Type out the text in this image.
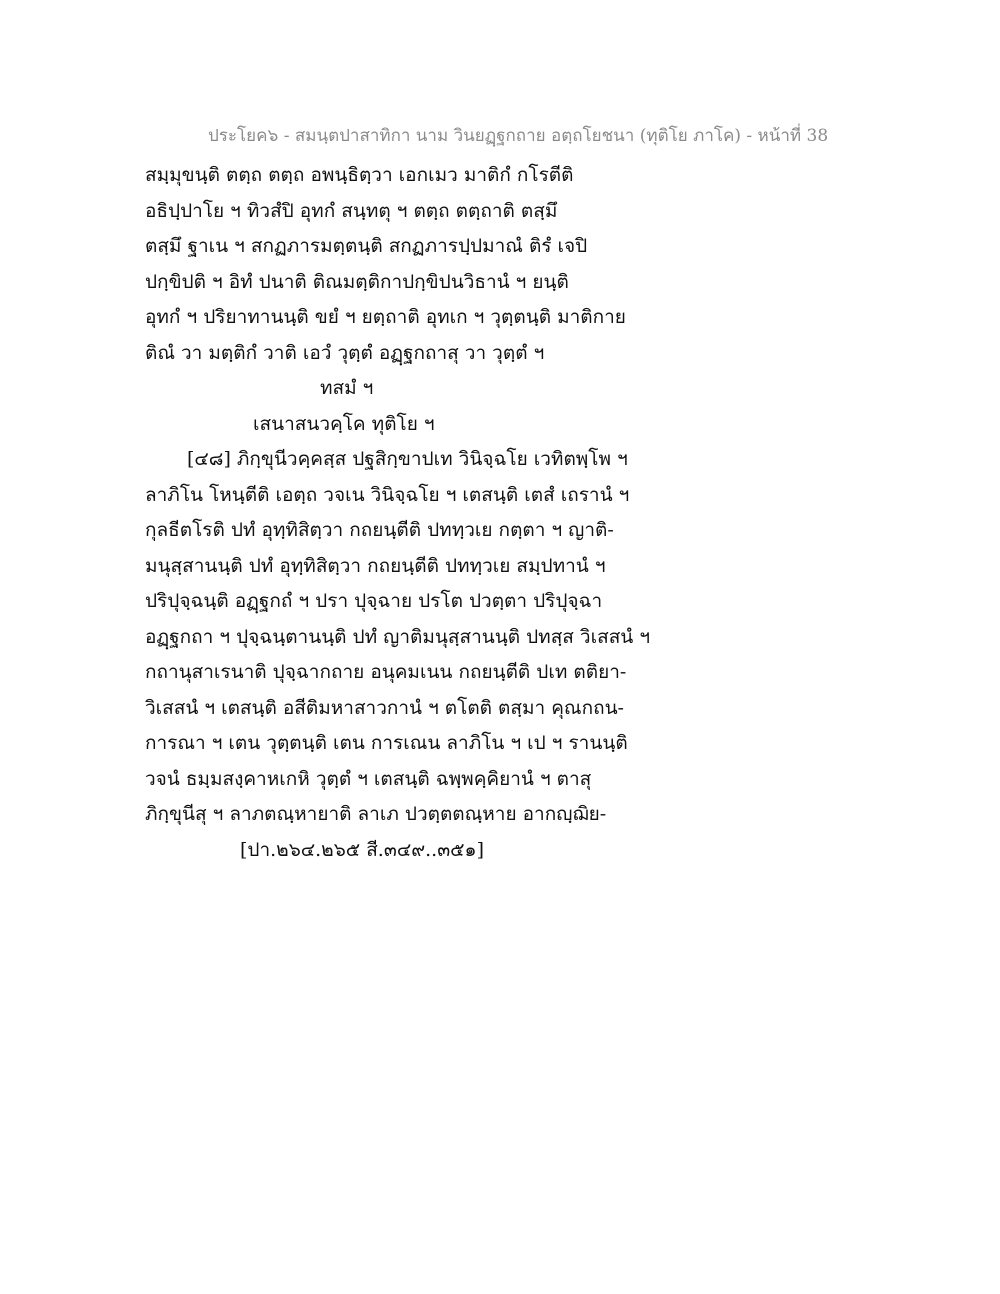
ประโยค๖ - สมนฺตปาสาทิกา นาม วินยฏฺฐกถาย อตฺถโยชนา (ทุติโย ภาโค) - หน้าที่ 38
สมฺมุขนฺติ ตตฺถ ตตฺถ อพนฺธิตฺวา เอกเมว มาติกํ กโรตีติ
อธิปฺปาโย ฯ ทิวสํปิ อุทกํ สนฺทตุ ฯ ตตฺถ ตตฺถาติ ตสฺมึ
ตสฺมึ ฐาเน ฯ สกฏภารมตฺตนฺติ สกฏภารปฺปมาณํ ติรํ เจปิ
ปกฺขิปติ ฯ อิทํ ปนาติ ติณมตฺติกาปกฺขิปนวิธานํ ฯ ยนฺติ
อุทกํ ฯ ปริยาทานนฺติ ขยํ ฯ ยตฺถาติ อุทเก ฯ วุตฺตนฺติ มาติกาย
ติณํ วา มตฺติกํ วาติ เอวํ วุตฺตํ อฏฺฐกถาสุ วา วุตฺตํ ฯ
ทสมํ ฯ
เสนาสนวคฺโค ทุติโย ฯ
[๔๘] ภิกฺขุนีวคฺคสฺส ปฐสิกฺขาปเท วินิจฺฉโย เวทิตพฺโพ ฯ
ลาภิโน โหนฺตีติ เอตฺถ วจเน วินิจฺฉโย ฯ เตสนฺติ เตสํ เถรานํ ฯ
กุลธีตโรติ ปทํ อุทฺทิสิตฺวา กถยนฺตีติ ปททฺวเย กตฺตา ฯ ญาติ-
มนุสฺสานนฺติ ปทํ อุทฺทิสิตฺวา กถยนฺตีติ ปททฺวเย สมฺปทานํ ฯ
ปริปุจฺฉนฺติ อฏฺฐกถํ ฯ ปรา ปุจฺฉาย ปรโต ปวตฺตา ปริปุจฺฉา
อฏฺฐกถา ฯ ปุจฺฉนฺตานนฺติ ปทํ ญาติมนุสฺสานนฺติ ปทสฺส วิเสสนํ ฯ
กถานุสาเรนาติ ปุจฺฉากถาย อนุคมเนน กถยนฺตีติ ปเท ตติยา-
วิเสสนํ ฯ เตสนฺติ อสีติมหาสาวกานํ ฯ ตโตติ ตสฺมา คุณกถน-
การณา ฯ เตน วุตฺตนฺติ เตน การเณน ลาภิโน ฯ เป ฯ รานนฺติ
วจนํ ธมฺมสงฺคาหเกหิ วุตฺตํ ฯ เตสนฺติ ฉพฺพคฺคิยานํ ฯ ตาสุ
ภิกฺขุนีสุ ฯ ลาภตณฺหายาติ ลาเภ ปวตฺตตณฺหาย อากญฺฌิย-
[ปา.๒๖๔.๒๖๕ สี.๓๔๙..๓๕๑]
